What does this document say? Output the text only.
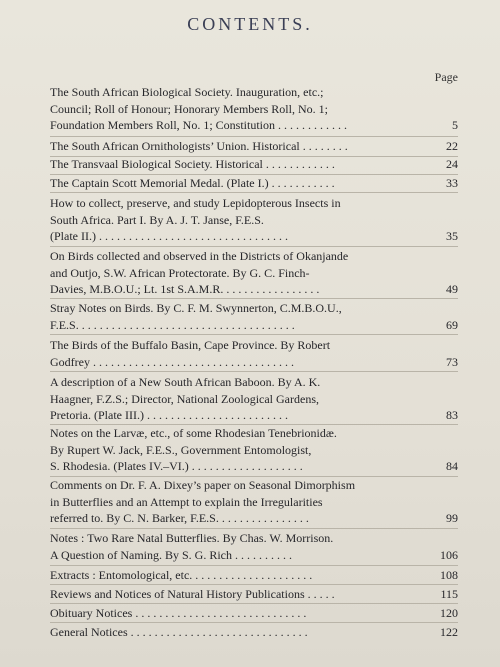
CONTENTS.
Page
The South African Biological Society. Inauguration, etc.;
Council; Roll of Honour; Honorary Members Roll, No. 1;
Foundation Members Roll, No. 1; Constitution . . . . . . . . . . . .	5
The South African Ornithologists’ Union. Historical . . . . . . . .	22
The Transvaal Biological Society. Historical . . . . . . . . . . . .	24
The Captain Scott Memorial Medal. (Plate I.) . . . . . . . . . . .	33
How to collect, preserve, and study Lepidopterous Insects in
South Africa. Part I. By A. J. T. Janse, F.E.S.
(Plate II.) . . . . . . . . . . . . . . . . . . . . . . . . . . . . . . . .	35
On Birds collected and observed in the Districts of Okanjande
and Outjo, S.W. African Protectorate. By G. C. Finch-
Davies, M.B.O.U.; Lt. 1st S.A.M.R. . . . . . . . . . . . . . . . .	49
Stray Notes on Birds. By C. F. M. Swynnerton, C.M.B.O.U.,
F.E.S. . . . . . . . . . . . . . . . . . . . . . . . . . . . . . . . . . . . .	69
The Birds of the Buffalo Basin, Cape Province. By Robert
Godfrey . . . . . . . . . . . . . . . . . . . . . . . . . . . . . . . . . .	73
A description of a New South African Baboon. By A. K.
Haagner, F.Z.S.; Director, National Zoological Gardens,
Pretoria. (Plate III.) . . . . . . . . . . . . . . . . . . . . . . . .	83
Notes on the Larvæ, etc., of some Rhodesian Tenebrionidæ.
By Rupert W. Jack, F.E.S., Government Entomologist,
S. Rhodesia. (Plates IV.–VI.) . . . . . . . . . . . . . . . . . . .	84
Comments on Dr. F. A. Dixey’s paper on Seasonal Dimorphism
in Butterflies and an Attempt to explain the Irregularities
referred to. By C. N. Barker, F.E.S. . . . . . . . . . . . . . . .	99
Notes : Two Rare Natal Butterflies. By Chas. W. Morrison.
A Question of Naming. By S. G. Rich . . . . . . . . . .	106
Extracts : Entomological, etc. . . . . . . . . . . . . . . . . . . . .	108
Reviews and Notices of Natural History Publications . . . . .	115
Obituary Notices . . . . . . . . . . . . . . . . . . . . . . . . . . . . .	120
General Notices . . . . . . . . . . . . . . . . . . . . . . . . . . . . . .	122
